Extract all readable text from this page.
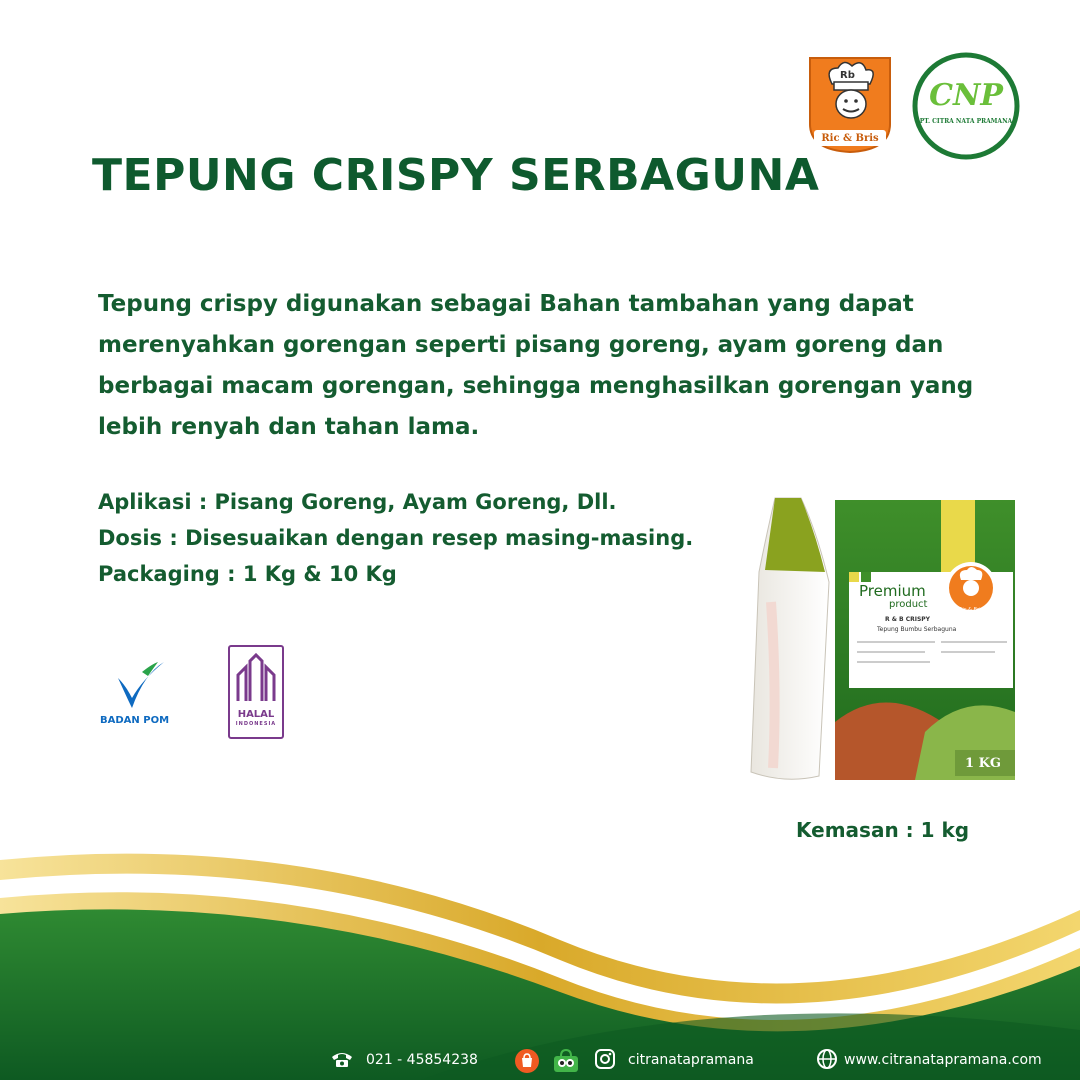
Rb
Ric & Bris
CNP
PT. CITRA NATA PRAMANA
TEPUNG CRISPY SERBAGUNA
Tepung crispy digunakan sebagai Bahan tambahan yang dapat merenyahkan gorengan seperti pisang goreng, ayam goreng dan berbagai macam gorengan, sehingga menghasilkan gorengan yang lebih renyah dan tahan lama.
Aplikasi : Pisang Goreng, Ayam Goreng, Dll.
Dosis : Disesuaikan dengan resep masing-masing.
Packaging : 1 Kg & 10 Kg
BADAN POM
HALAL
INDONESIA
Premium
product	Ric & Bris
R & B CRISPY
Tepung Bumbu Serbaguna
1 KG
Kemasan : 1 kg
021 - 45854238	citranatapramana	www.citranatapramana.com
